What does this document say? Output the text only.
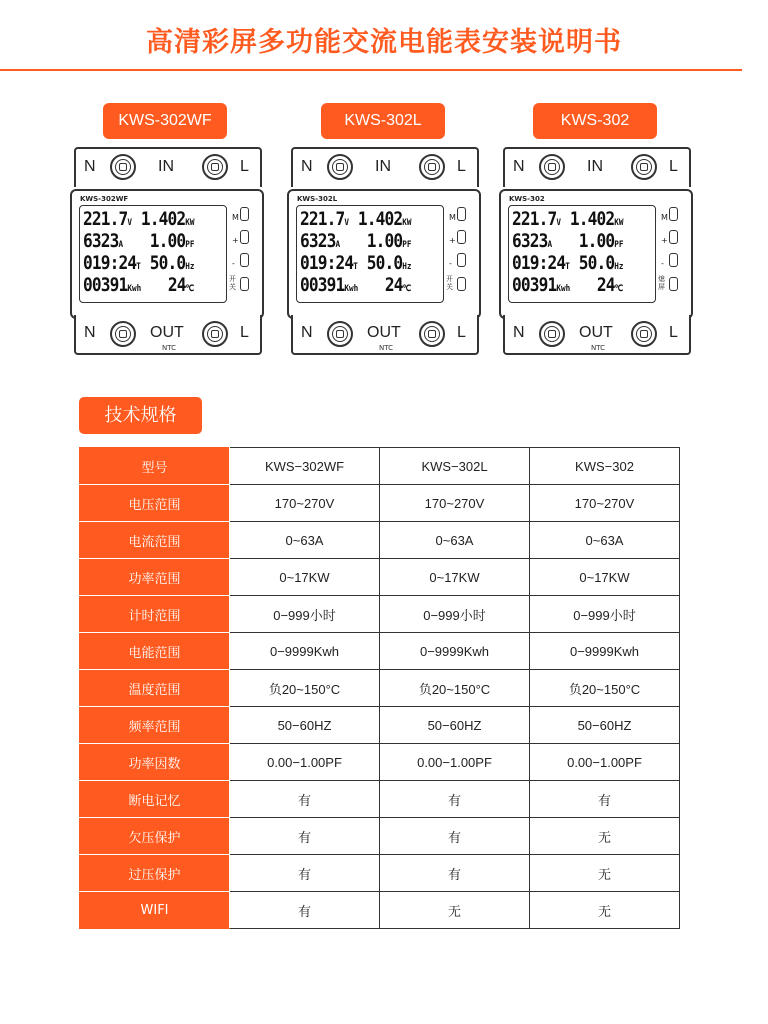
高清彩屏多功能交流电能表安装说明书
KWS-302WF	KWS-302L	KWS-302
N	IN	L
KWS-302WF
221.7V 1.402KW
6323A 1.00PF
019:24T 50.0Hz
00391Kwh 24℃
M
+
-
开关
N	OUT
NTC
L
N	IN	L
KWS-302L
221.7V 1.402KW
6323A 1.00PF
019:24T 50.0Hz
00391Kwh 24℃
M
+
-
开关
N	OUT
NTC
L
N	IN	L
KWS-302
221.7V 1.402KW
6323A 1.00PF
019:24T 50.0Hz
00391Kwh 24℃
M
+
-
熄屏
N	OUT
NTC
L
技术规格
型号	KWS−302WF	KWS−302L	KWS−302
电压范围	170~270V	170~270V	170~270V
电流范围	0~63A	0~63A	0~63A
功率范围	0~17KW	0~17KW	0~17KW
计时范围	0−999小时	0−999小时	0−999小时
电能范围	0−9999Kwh	0−9999Kwh	0−9999Kwh
温度范围	负20~150°C	负20~150°C	负20~150°C
频率范围	50−60HZ	50−60HZ	50−60HZ
功率因数	0.00−1.00PF	0.00−1.00PF	0.00−1.00PF
断电记忆	有	有	有
欠压保护	有	有	无
过压保护	有	有	无
WIFI	有	无	无
